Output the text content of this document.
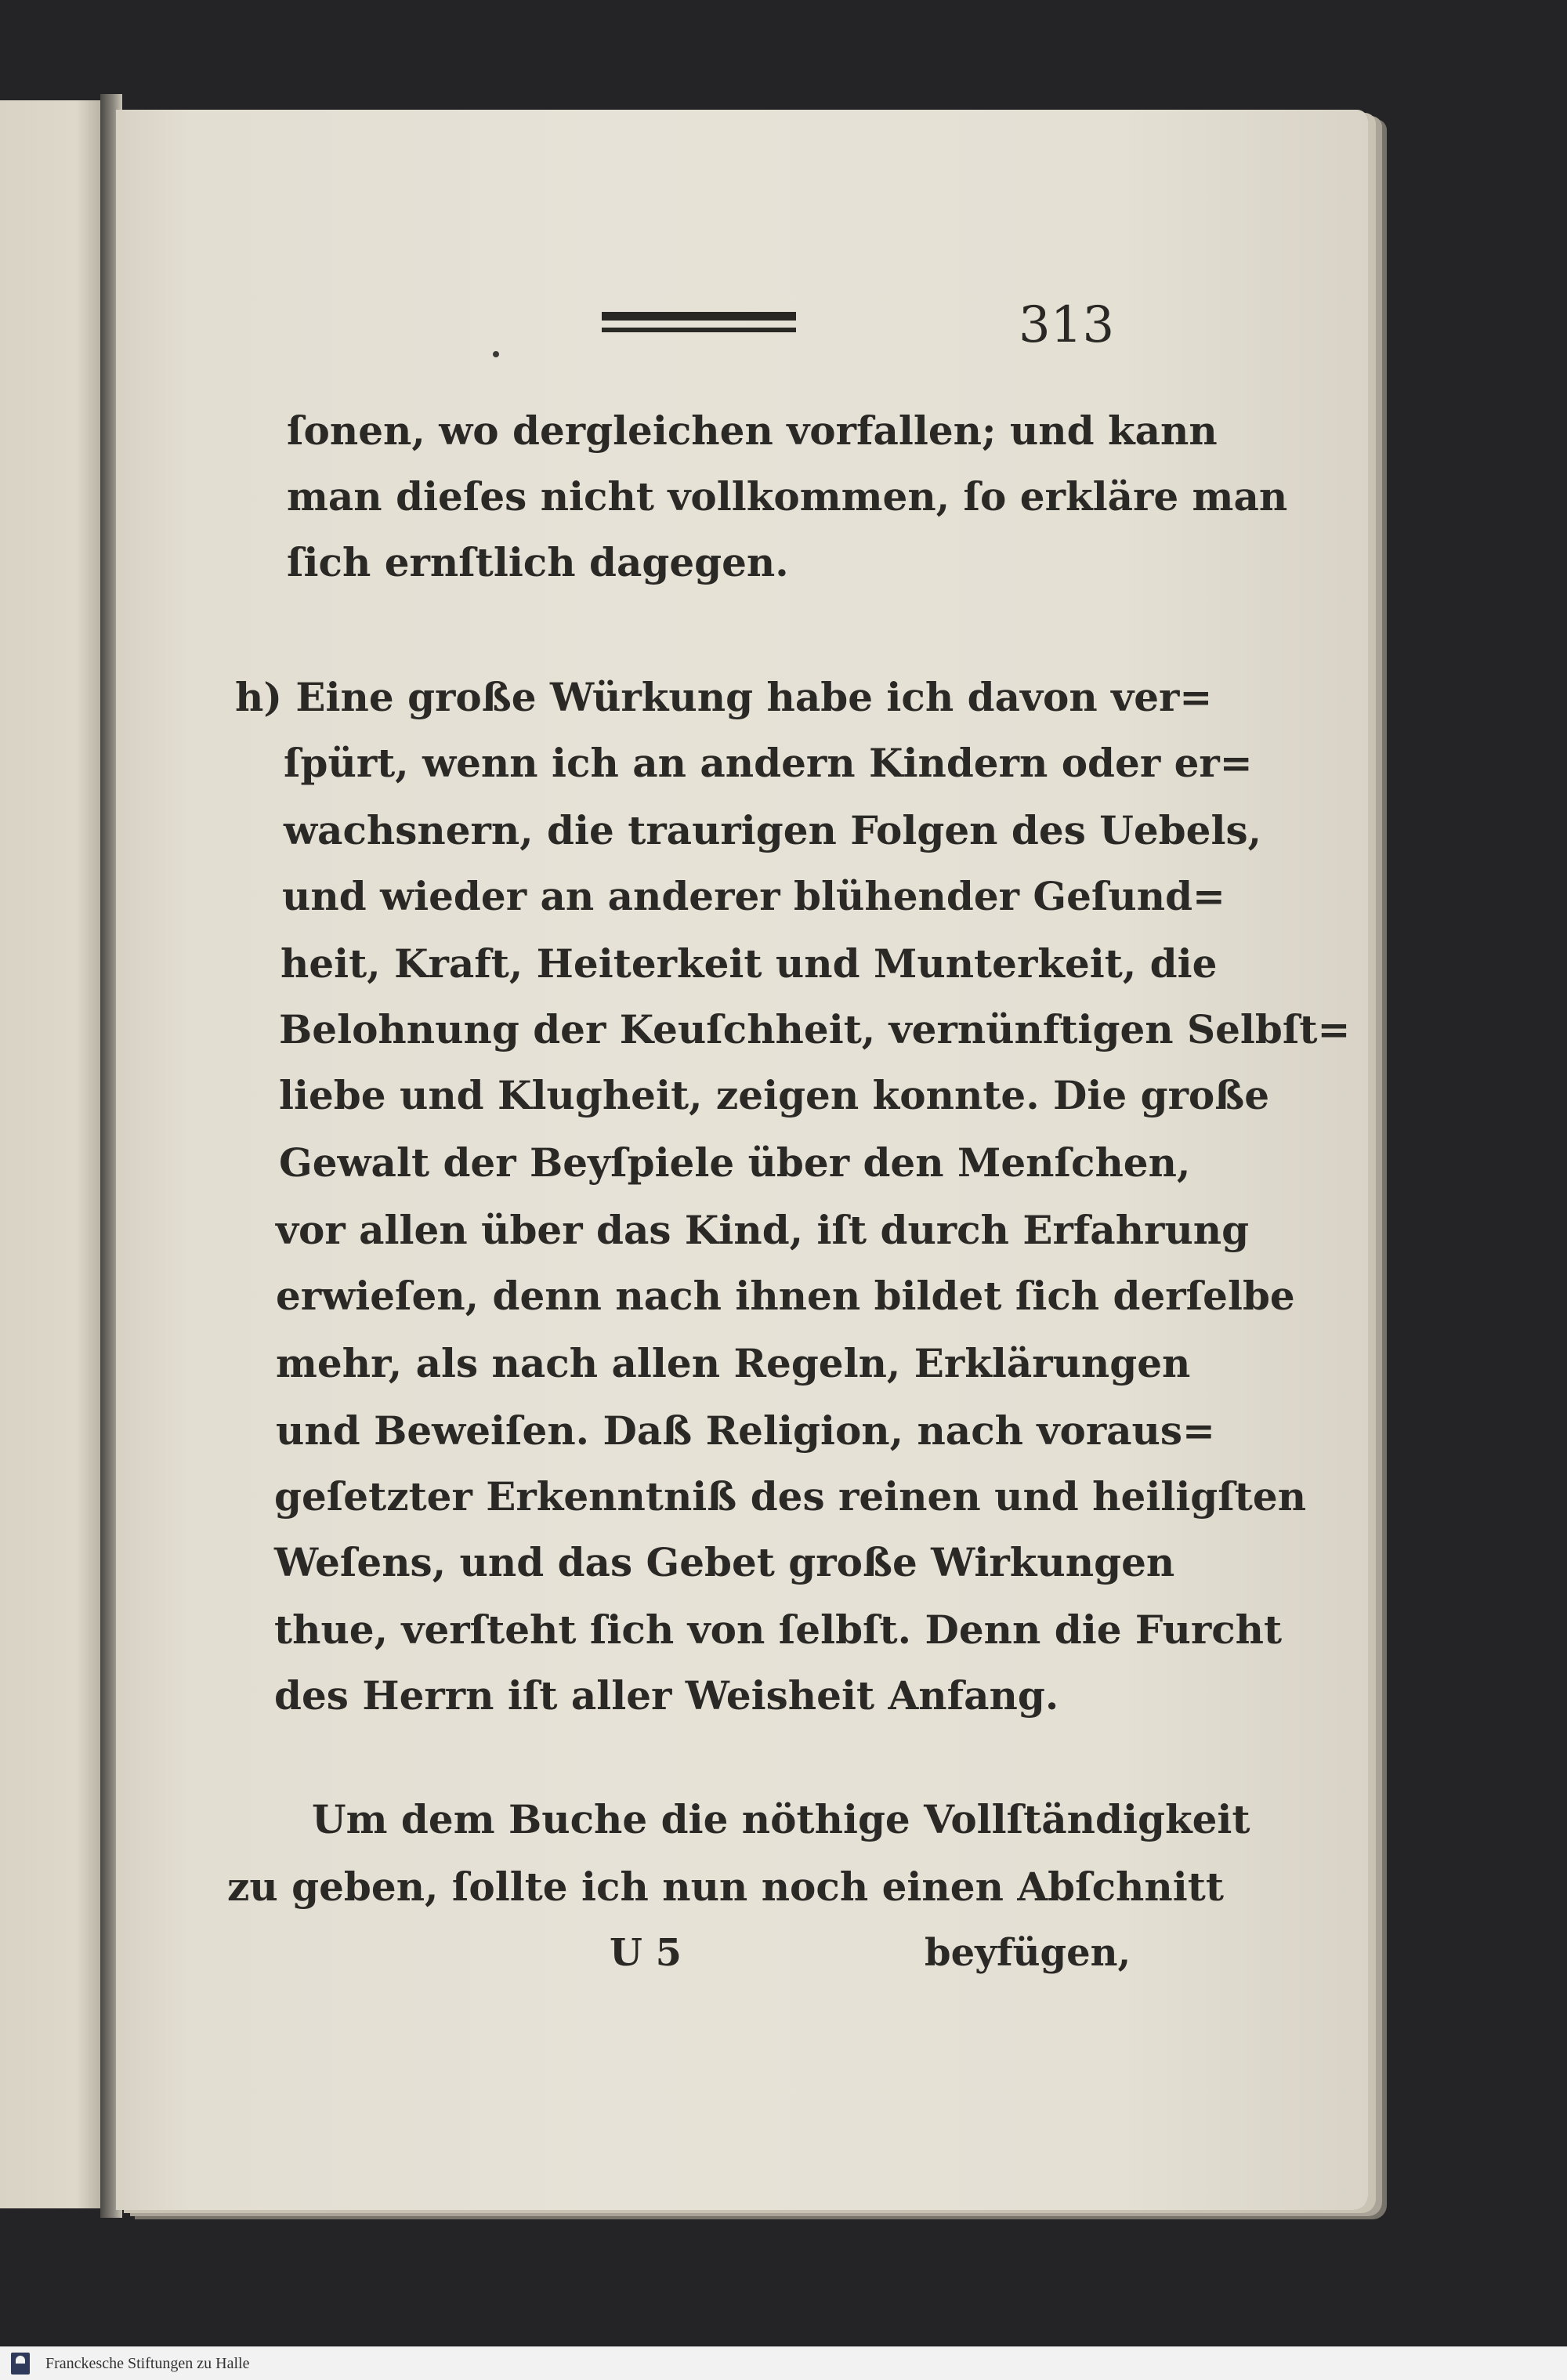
313

ſonen, wo dergleichen vorfallen; und kann

man dieſes nicht vollkommen, ſo erkläre man

ſich ernſtlich dagegen.

h) Eine große Würkung habe ich davon ver=

ſpürt, wenn ich an andern Kindern oder er=

wachsnern, die traurigen Folgen des Uebels,

und wieder an anderer blühender Geſund=

heit, Kraft, Heiterkeit und Munterkeit, die

Belohnung der Keuſchheit, vernünftigen Selbſt=

liebe und Klugheit, zeigen konnte. Die große

Gewalt der Beyſpiele über den Menſchen,

vor allen über das Kind, iſt durch Erfahrung

erwieſen, denn nach ihnen bildet ſich derſelbe

mehr, als nach allen Regeln, Erklärungen

und Beweiſen. Daß Religion, nach voraus=

geſetzter Erkenntniß des reinen und heiligſten

Weſens, und das Gebet große Wirkungen

thue, verſteht ſich von ſelbſt. Denn die Furcht

des Herrn iſt aller Weisheit Anfang.

Um dem Buche die nöthige Vollſtändigkeit

zu geben, ſollte ich nun noch einen Abſchnitt

U 5	beyfügen,
Franckesche Stiftungen zu Halle
